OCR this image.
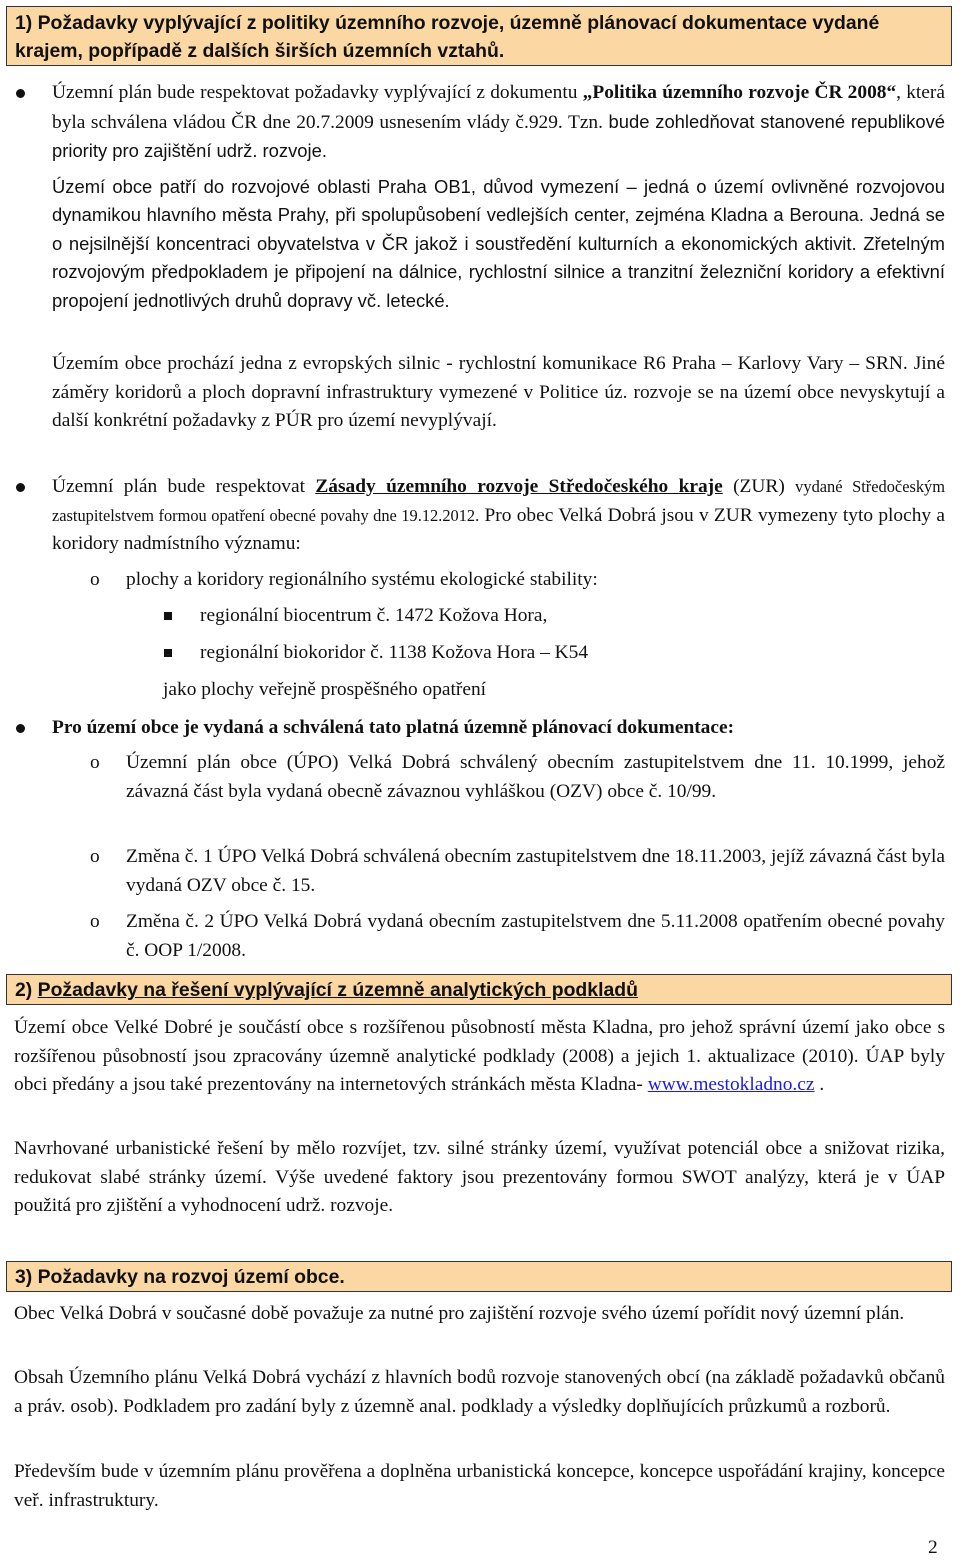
1) Požadavky vyplývající z politiky územního rozvoje, územně plánovací dokumentace vydané krajem, popřípadě z dalších širších územních vztahů.
Územní plán bude respektovat požadavky vyplývající z dokumentu „Politika územního rozvoje ČR 2008“, která byla schválena vládou ČR dne 20.7.2009 usnesením vlády č.929. Tzn. bude zohledňovat stanovené republikové priority pro zajištění udrž. rozvoje.
Území obce patří do rozvojové oblasti Praha OB1, důvod vymezení – jedná o území ovlivněné rozvojovou dynamikou hlavního města Prahy, při spolupůsobení vedlejších center, zejména Kladna a Berouna. Jedná se o nejsilnější koncentraci obyvatelstva v ČR jakož i soustředění kulturních a ekonomických aktivit. Zřetelným rozvojovým předpokladem je připojení na dálnice, rychlostní silnice a tranzitní železniční koridory a efektivní propojení jednotlivých druhů dopravy vč. letecké.
Územím obce prochází jedna z evropských silnic - rychlostní komunikace R6 Praha – Karlovy Vary – SRN. Jiné záměry koridorů a ploch dopravní infrastruktury vymezené v Politice úz. rozvoje se na území obce nevyskytují a další konkrétní požadavky z PÚR pro území nevyplývají.
Územní plán bude respektovat Zásady územního rozvoje Středočeského kraje (ZUR) vydané Středočeským zastupitelstvem formou opatření obecné povahy dne 19.12.2012. Pro obec Velká Dobrá jsou v ZUR vymezeny tyto plochy a koridory nadmístního významu:
o plochy a koridory regionálního systému ekologické stability:
regionální biocentrum č. 1472 Kožova Hora,
regionální biokoridor č. 1138 Kožova Hora – K54
jako plochy veřejně prospěšného opatření
Pro území obce je vydaná a schválená tato platná územně plánovací dokumentace:
o Územní plán obce (ÚPO) Velká Dobrá schválený obecním zastupitelstvem dne 11. 10.1999, jehož závazná část byla vydaná obecně závaznou vyhláškou (OZV) obce č. 10/99.
o Změna č. 1 ÚPO Velká Dobrá schválená obecním zastupitelstvem dne 18.11.2003, jejíž závazná část byla vydaná OZV obce č. 15.
o Změna č. 2 ÚPO Velká Dobrá vydaná obecním zastupitelstvem dne 5.11.2008 opatřením obecné povahy č. OOP 1/2008.
2) Požadavky na řešení vyplývající z územně analytických podkladů
Území obce Velké Dobré je součástí obce s rozšířenou působností města Kladna, pro jehož správní území jako obce s rozšířenou působností jsou zpracovány územně analytické podklady (2008) a jejich 1. aktualizace (2010). ÚAP byly obci předány a jsou také prezentovány na internetových stránkách města Kladna- www.mestokladno.cz .
Navrhované urbanistické řešení by mělo rozvíjet, tzv. silné stránky území, využívat potenciál obce a snižovat rizika, redukovat slabé stránky území. Výše uvedené faktory jsou prezentovány formou SWOT analýzy, která je v ÚAP použitá pro zjištění a vyhodnocení udrž. rozvoje.
3) Požadavky na rozvoj území obce.
Obec Velká Dobrá v současné době považuje za nutné pro zajištění rozvoje svého území pořídit nový územní plán.
Obsah Územního plánu Velká Dobrá vychází z hlavních bodů rozvoje stanovených obcí (na základě požadavků občanů a práv. osob). Podkladem pro zadání byly z územně anal. podklady a výsledky doplňujících průzkumů a rozborů.
Především bude v územním plánu prověřena a doplněna urbanistická koncepce, koncepce uspořádání krajiny, koncepce veř. infrastruktury.
2
